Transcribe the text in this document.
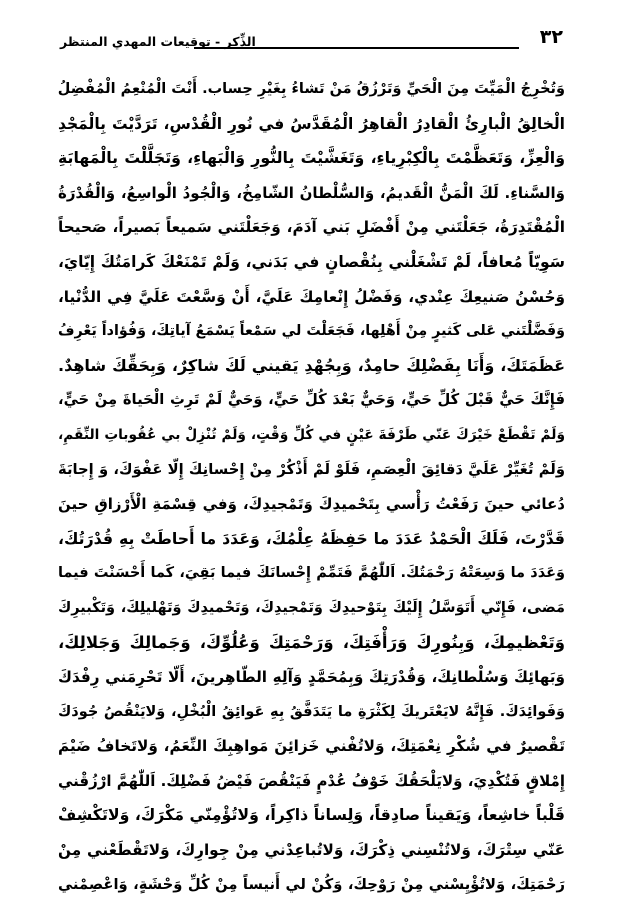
٣٢
الذِّكر - توقيعات المهدي المنتظر
وَتُخْرِجُ الْمَيِّتَ مِنَ الْحَيِّ وَتَرْزُقُ مَنْ تَشاءُ بِغَيْرِ حِساب. أَنْتَ الْمُنْعِمُ الْمُفْضِلُ
الْخالِقُ الْبارِئُ الْقادِرُ الْقاهِرُ الْمُقَدَّسُ في نُورِ الْقُدْسِ، تَرَدَّيْتَ بِالْمَجْدِ
وَالْعِزِّ، وَتَعَظَّمْتَ بِالْكِبْرِياءِ، وَتَغَشَّيْتَ بِالنُّورِ وَالْبَهاءِ، وَتَجَلَّلْتَ بِالْمَهابَةِ
وَالسَّناءِ. لَكَ الْمَنُّ الْقَديمُ، وَالسُّلْطانُ الشّامِخُ، وَالْجُودُ الْواسِعُ، وَالْقُدْرَةُ
الْمُقْتَدِرَةُ، جَعَلْتَني مِنْ أَفْضَلِ بَني آدَمَ، وَجَعَلْتَني سَميعاً بَصيراً، صَحيحاً
سَوِيّاً مُعافاً، لَمْ تَشْغَلْني بِنُقْصانٍ في بَدَني، وَلَمْ تَمْنَعْكَ كَرامَتُكَ إِيّايَ،
وَحُسْنُ صَنيعِكَ عِنْدي، وَفَضْلُ إِنْعامِكَ عَلَيَّ، أَنْ وَسَّعْتَ عَلَيَّ فِي الدُّنْيا،
وَفَضَّلْتَني عَلى كَثيرٍ مِنْ أَهْلِها، فَجَعَلْتَ لي سَمْعاً يَسْمَعُ آياتِكَ، وَفُؤاداً يَعْرِفُ
عَظَمَتَكَ، وَأَنَا بِفَضْلِكَ حامِدٌ، وَبِجُهْدِ يَقيني لَكَ شاكِرٌ، وَبِحَقِّكَ شاهِدٌ.
فَإِنَّكَ حَيٌّ قَبْلَ كُلِّ حَيٍّ، وَحَيٌّ بَعْدَ كُلِّ حَيٍّ، وَحَيٌّ لَمْ تَرِثِ الْحَياةَ مِنْ حَيٍّ،
وَلَمْ تَقْطَعْ خَيْرَكَ عَنّي طَرْفَةَ عَيْنٍ في كُلِّ وَقْتٍ، وَلَمْ تُنْزِلْ بي عُقُوباتِ النِّقَمِ،
وَلَمْ تُغَيِّرْ عَلَيَّ دَقائِقَ الْعِصَمِ، فَلَوْ لَمْ أَذْكُرْ مِنْ إِحْسانِكَ إِلّا عَفْوَكَ، وَ إِجابَةَ
دُعائي حينَ رَفَعْتُ رَأْسي بِتَحْميدِكَ وَتَمْجيدِكَ، وَفي قِسْمَةِ الْأَرْزاقِ حينَ
قَدَّرْتَ، فَلَكَ الْحَمْدُ عَدَدَ ما حَفِظَهُ عِلْمُكَ، وَعَدَدَ ما أَحاطَتْ بِهِ قُدْرَتُكَ،
وَعَدَدَ ما وَسِعَتْهُ رَحْمَتُكَ. اَللّٰهُمَّ فَتَمِّمْ إِحْسانَكَ فيما بَقِيَ، كَما أَحْسَنْتَ فيما
مَضى، فَإِنّي أَتَوَسَّلُ إِلَيْكَ بِتَوْحيدِكَ وَتَمْجيدِكَ، وَتَحْميدِكَ وَتَهْليلِكَ، وَتَكْبيرِكَ
وَتَعْظيمِكَ، وَبِنُورِكَ وَرَأْفَتِكَ، وَرَحْمَتِكَ وَعُلُوِّكَ، وَجَمالِكَ وَجَلالِكَ،
وَبَهائِكَ وَسُلْطانِكَ، وَقُدْرَتِكَ وَبِمُحَمَّدٍ وَآلِهِ الطّاهِرينَ، أَلّا تَحْرِمَني رِفْدَكَ
وَفَوائِدَكَ. فَإِنَّهُ لايَعْتَريكَ لِكَثْرَةِ ما يَتَدَفَّقُ بِهِ عَوائِقُ الْبُخْلِ، وَلايَنْقُصُ جُودَكَ
تَقْصيرٌ في شُكْرِ نِعْمَتِكَ، وَلاتُفْني خَزائِنَ مَواهِبِكَ النِّعَمُ، وَلاتَخافُ ضَيْمَ
إِمْلاقٍ فَتُكْدِيَ، وَلايَلْحَقُكَ خَوْفُ عُدْمٍ فَيَنْقُصَ فَيْضُ فَضْلِكَ. اَللّٰهُمَّ ارْزُقْني
قَلْباً خاشِعاً، وَيَقيناً صادِقاً، وَلِساناً ذاكِراً، وَلاتُؤْمِنّي مَكْرَكَ، وَلاتَكْشِفْ
عَنّي سِتْرَكَ، وَلاتُنْسِني ذِكْرَكَ، وَلاتُباعِدْني مِنْ جِوارِكَ، وَلاتَقْطَعْني مِنْ
رَحْمَتِكَ، وَلاتُؤْيِسْني مِنْ رَوْحِكَ، وَكُنْ لي أَنيساً مِنْ كُلِّ وَحْشَةٍ، وَاعْصِمْني
